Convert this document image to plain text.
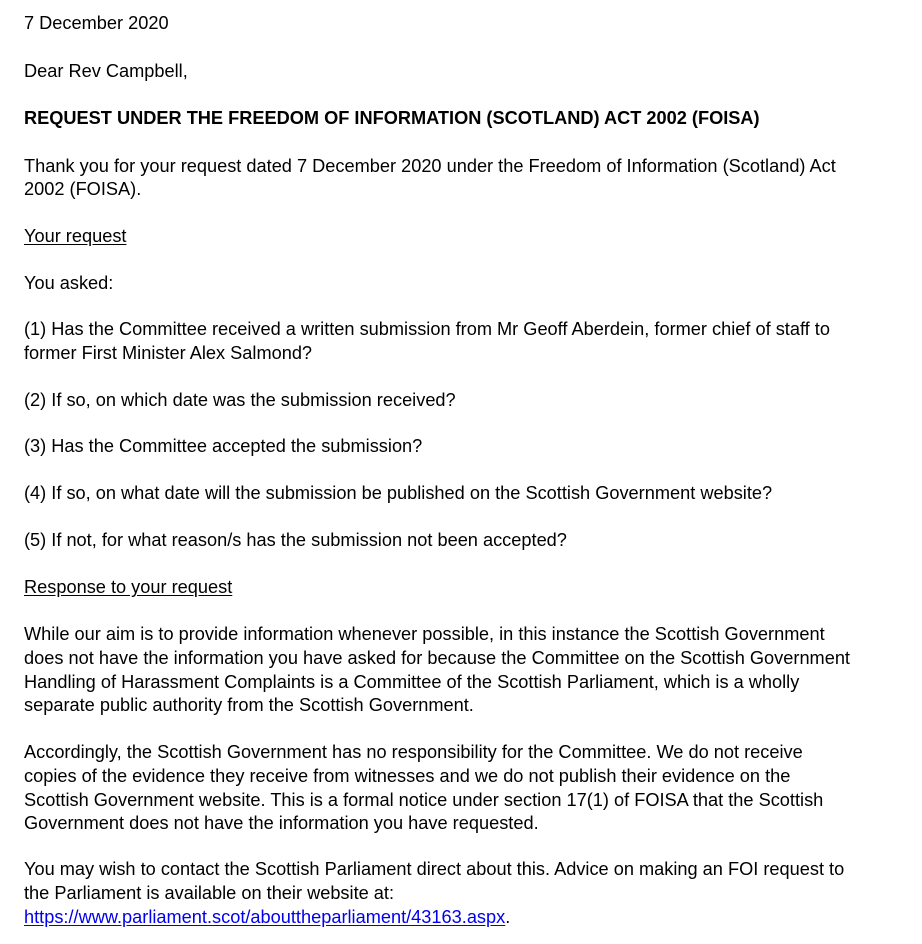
7 December 2020
Dear Rev Campbell,
REQUEST UNDER THE FREEDOM OF INFORMATION (SCOTLAND) ACT 2002 (FOISA)
Thank you for your request dated 7 December 2020 under the Freedom of Information (Scotland) Act
2002 (FOISA).
Your request
You asked:
(1) Has the Committee received a written submission from Mr Geoff Aberdein, former chief of staff to
former First Minister Alex Salmond?
(2) If so, on which date was the submission received?
(3) Has the Committee accepted the submission?
(4) If so, on what date will the submission be published on the Scottish Government website?
(5) If not, for what reason/s has the submission not been accepted?
Response to your request
While our aim is to provide information whenever possible, in this instance the Scottish Government
does not have the information you have asked for because the Committee on the Scottish Government
Handling of Harassment Complaints is a Committee of the Scottish Parliament, which is a wholly
separate public authority from the Scottish Government.
Accordingly, the Scottish Government has no responsibility for the Committee. We do not receive
copies of the evidence they receive from witnesses and we do not publish their evidence on the
Scottish Government website. This is a formal notice under section 17(1) of FOISA that the Scottish
Government does not have the information you have requested.
You may wish to contact the Scottish Parliament direct about this. Advice on making an FOI request to
the Parliament is available on their website at:
https://www.parliament.scot/abouttheparliament/43163.aspx.
